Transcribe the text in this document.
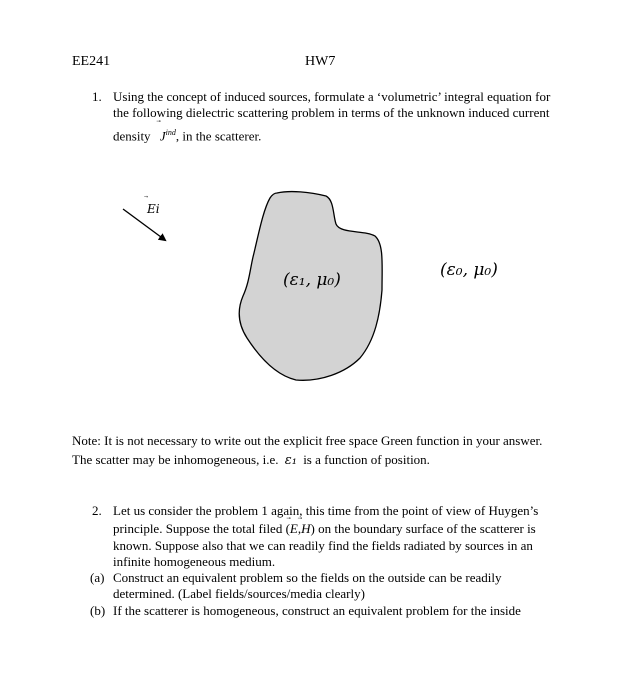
EE241	HW7
1. Using the concept of induced sources, formulate a ‘volumetric’ integral equation for
the following dielectric scattering problem in terms of the unknown induced current
density $J^{ind}$, in the scatterer.
Ei
(ε₁, μ₀)	(ε₀, μ₀)
Note: It is not necessary to write out the explicit free space Green function in your answer.
The scatter may be inhomogeneous, i.e. ε₁ is a function of position.
2. Let us consider the problem 1 again, this time from the point of view of Huygen’s
principle. Suppose the total filed (
E,
H) on the boundary surface of the scatterer is
known. Suppose also that we can readily find the fields radiated by sources in an
infinite homogeneous medium.
(a) Construct an equivalent problem so the fields on the outside can be readily
determined. (Label fields/sources/media clearly)
(b) If the scatterer is homogeneous, construct an equivalent problem for the inside
